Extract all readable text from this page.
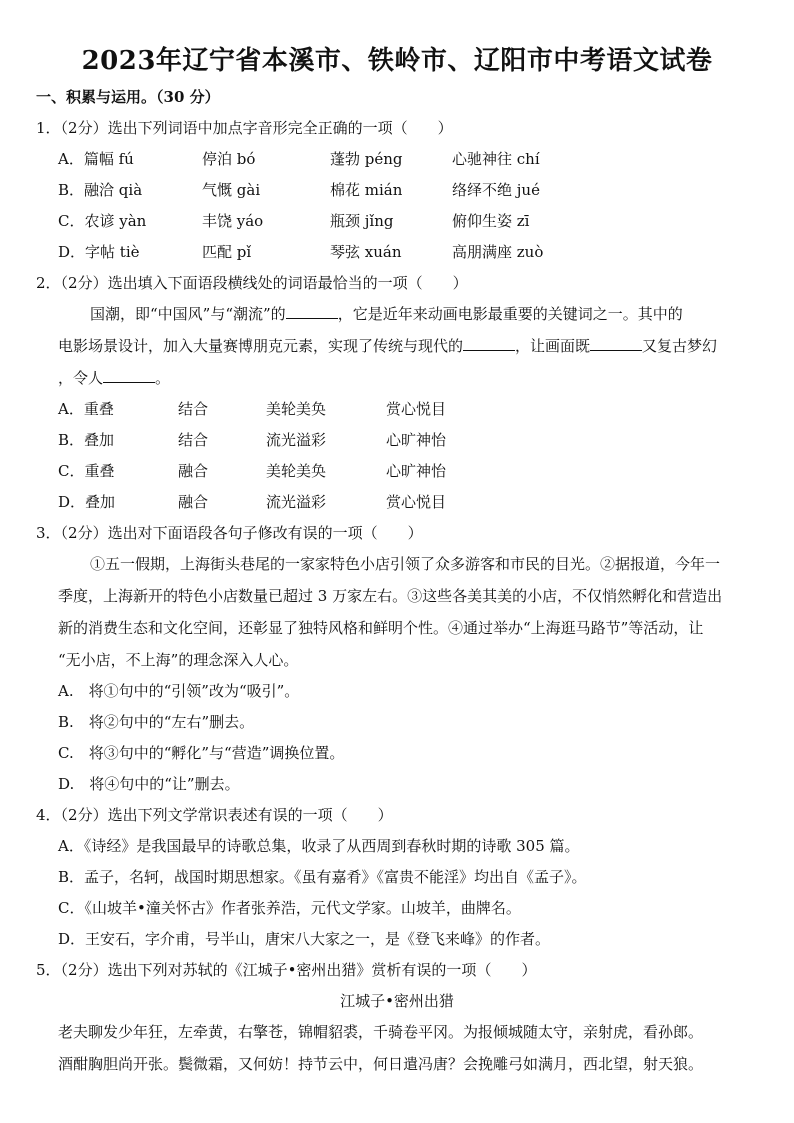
2023年辽宁省本溪市、铁岭市、辽阳市中考语文试卷
一、积累与运用。（30 分）
1．（2分）选出下列词语中加点字音形完全正确的一项（　　）
A．篇幅 fú	停泊 bó	蓬勃 péng	心驰神往 chí
B．融洽 qià	气慨 gài	棉花 mián	络绎不绝 jué
C．农谚 yàn	丰饶 yáo	瓶颈 jǐng	俯仰生姿 zī
D．字帖 tiè	匹配 pǐ	琴弦 xuán	高朋满座 zuò
2．（2分）选出填入下面语段横线处的词语最恰当的一项（　　）
国潮，即“中国风”与“潮流”的	，它是近年来动画电影最重要的关键词之一。其中的
电影场景设计，加入大量赛博朋克元素，实现了传统与现代的	，让画面既	又复古梦幻
，令人	。
A．重叠	结合	美轮美奂	赏心悦目
B．叠加	结合	流光溢彩	心旷神怡
C．重叠	融合	美轮美奂	心旷神怡
D．叠加	融合	流光溢彩	赏心悦目
3．（2分）选出对下面语段各句子修改有误的一项（　　）
①五一假期，上海街头巷尾的一家家特色小店引领了众多游客和市民的目光。②据报道，今年一
季度，上海新开的特色小店数量已超过 3 万家左右。③这些各美其美的小店，不仅悄然孵化和营造出
新的消费生态和文化空间，还彰显了独特风格和鲜明个性。④通过举办“上海逛马路节”等活动，让
“无小店，不上海”的理念深入人心。
A.　将①句中的“引领”改为“吸引”。
B.　将②句中的“左右”删去。
C.　将③句中的“孵化”与“营造”调换位置。
D.　将④句中的“让”删去。
4．（2分）选出下列文学常识表述有误的一项（　　）
A．《诗经》是我国最早的诗歌总集，收录了从西周到春秋时期的诗歌 305 篇。
B．孟子，名轲，战国时期思想家。《虽有嘉肴》《富贵不能淫》均出自《孟子》。
C．《山坡羊•潼关怀古》作者张养浩，元代文学家。山坡羊，曲牌名。
D．王安石，字介甫，号半山，唐宋八大家之一，是《登飞来峰》的作者。
5．（2分）选出下列对苏轼的《江城子•密州出猎》赏析有误的一项（　　）
江城子•密州出猎
老夫聊发少年狂，左牵黄，右擎苍，锦帽貂裘，千骑卷平冈。为报倾城随太守，亲射虎，看孙郎。
酒酣胸胆尚开张。鬓微霜，又何妨！持节云中，何日遣冯唐？会挽雕弓如满月，西北望，射天狼。
